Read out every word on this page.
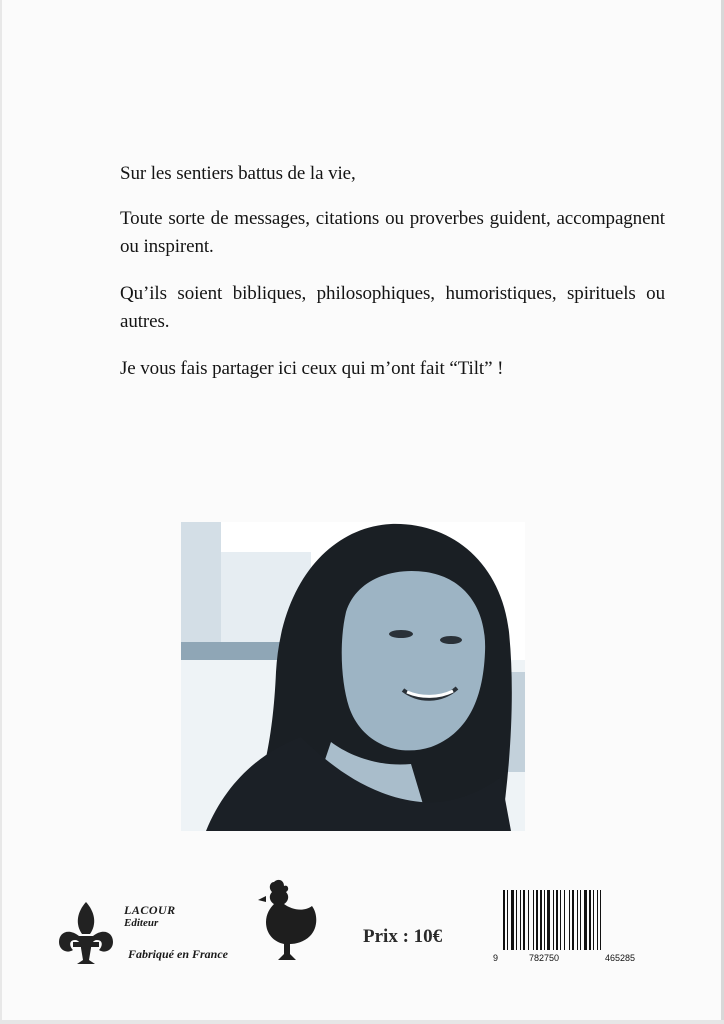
Sur les sentiers battus de la vie,

Toute sorte de messages, citations ou proverbes guident, accompagnent ou inspirent.

Qu’ils soient bibliques, philosophiques, humoristiques, spirituels ou autres.

Je vous fais partager ici ceux qui m’ont fait “Tilt” !

LACOUR
Editeur
Fabriqué en France
Prix : 10€
9	782750	465285
